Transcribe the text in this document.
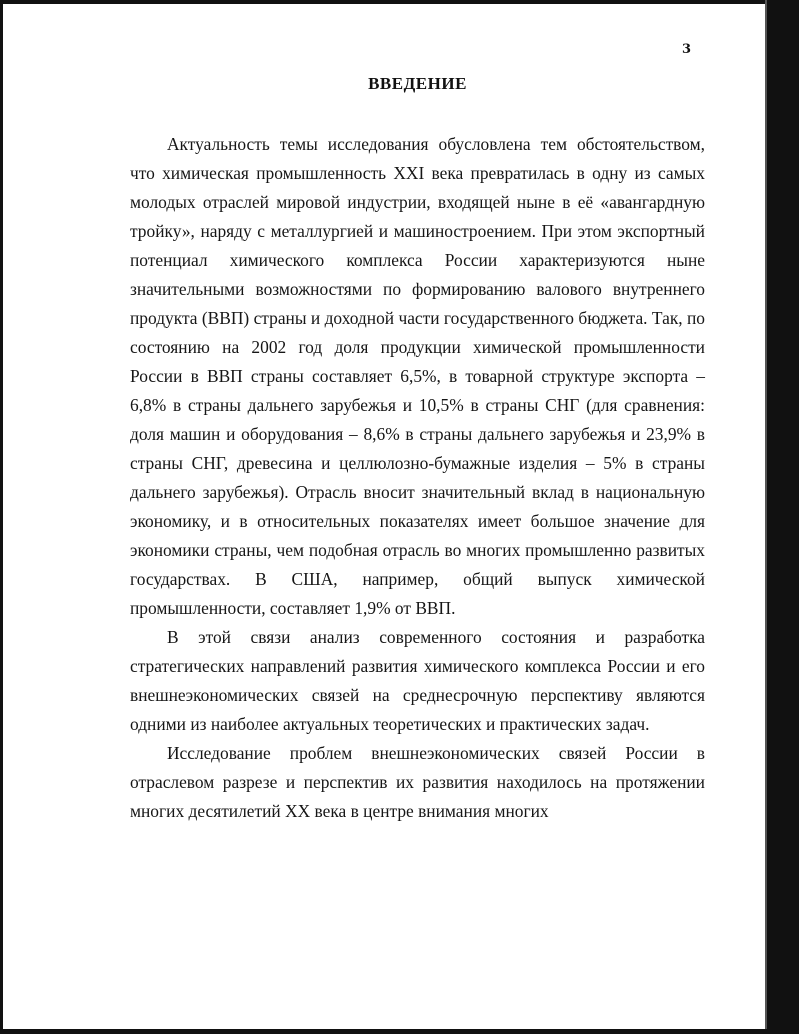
3
ВВЕДЕНИЕ

Актуальность темы исследования обусловлена тем обстоятельством, что химическая промышленность XXI века превратилась в одну из самых молодых отраслей мировой индустрии, входящей ныне в её «авангардную тройку», наряду с металлургией и машиностроением. При этом экспортный потенциал химического комплекса России характеризуются ныне значительными возможностями по формированию валового внутреннего продукта (ВВП) страны и доходной части государственного бюджета. Так, по состоянию на 2002 год доля продукции химической промышленности России в ВВП страны составляет 6,5%, в товарной структуре экспорта – 6,8% в страны дальнего зарубежья и 10,5% в страны СНГ (для сравнения: доля машин и оборудования – 8,6% в страны дальнего зарубежья и 23,9% в страны СНГ, древесина и целлюлозно-бумажные изделия – 5% в страны дальнего зарубежья). Отрасль вносит значительный вклад в национальную экономику, и в относительных показателях имеет большое значение для экономики страны, чем подобная отрасль во многих промышленно развитых государствах. В США, например, общий выпуск химической промышленности, составляет 1,9% от ВВП.

В этой связи анализ современного состояния и разработка стратегических направлений развития химического комплекса России и его внешнеэкономических связей на среднесрочную перспективу являются одними из наиболее актуальных теоретических и практических задач.

Исследование проблем внешнеэкономических связей России в отраслевом разрезе и перспектив их развития находилось на протяжении многих десятилетий XX века в центре внимания многих
